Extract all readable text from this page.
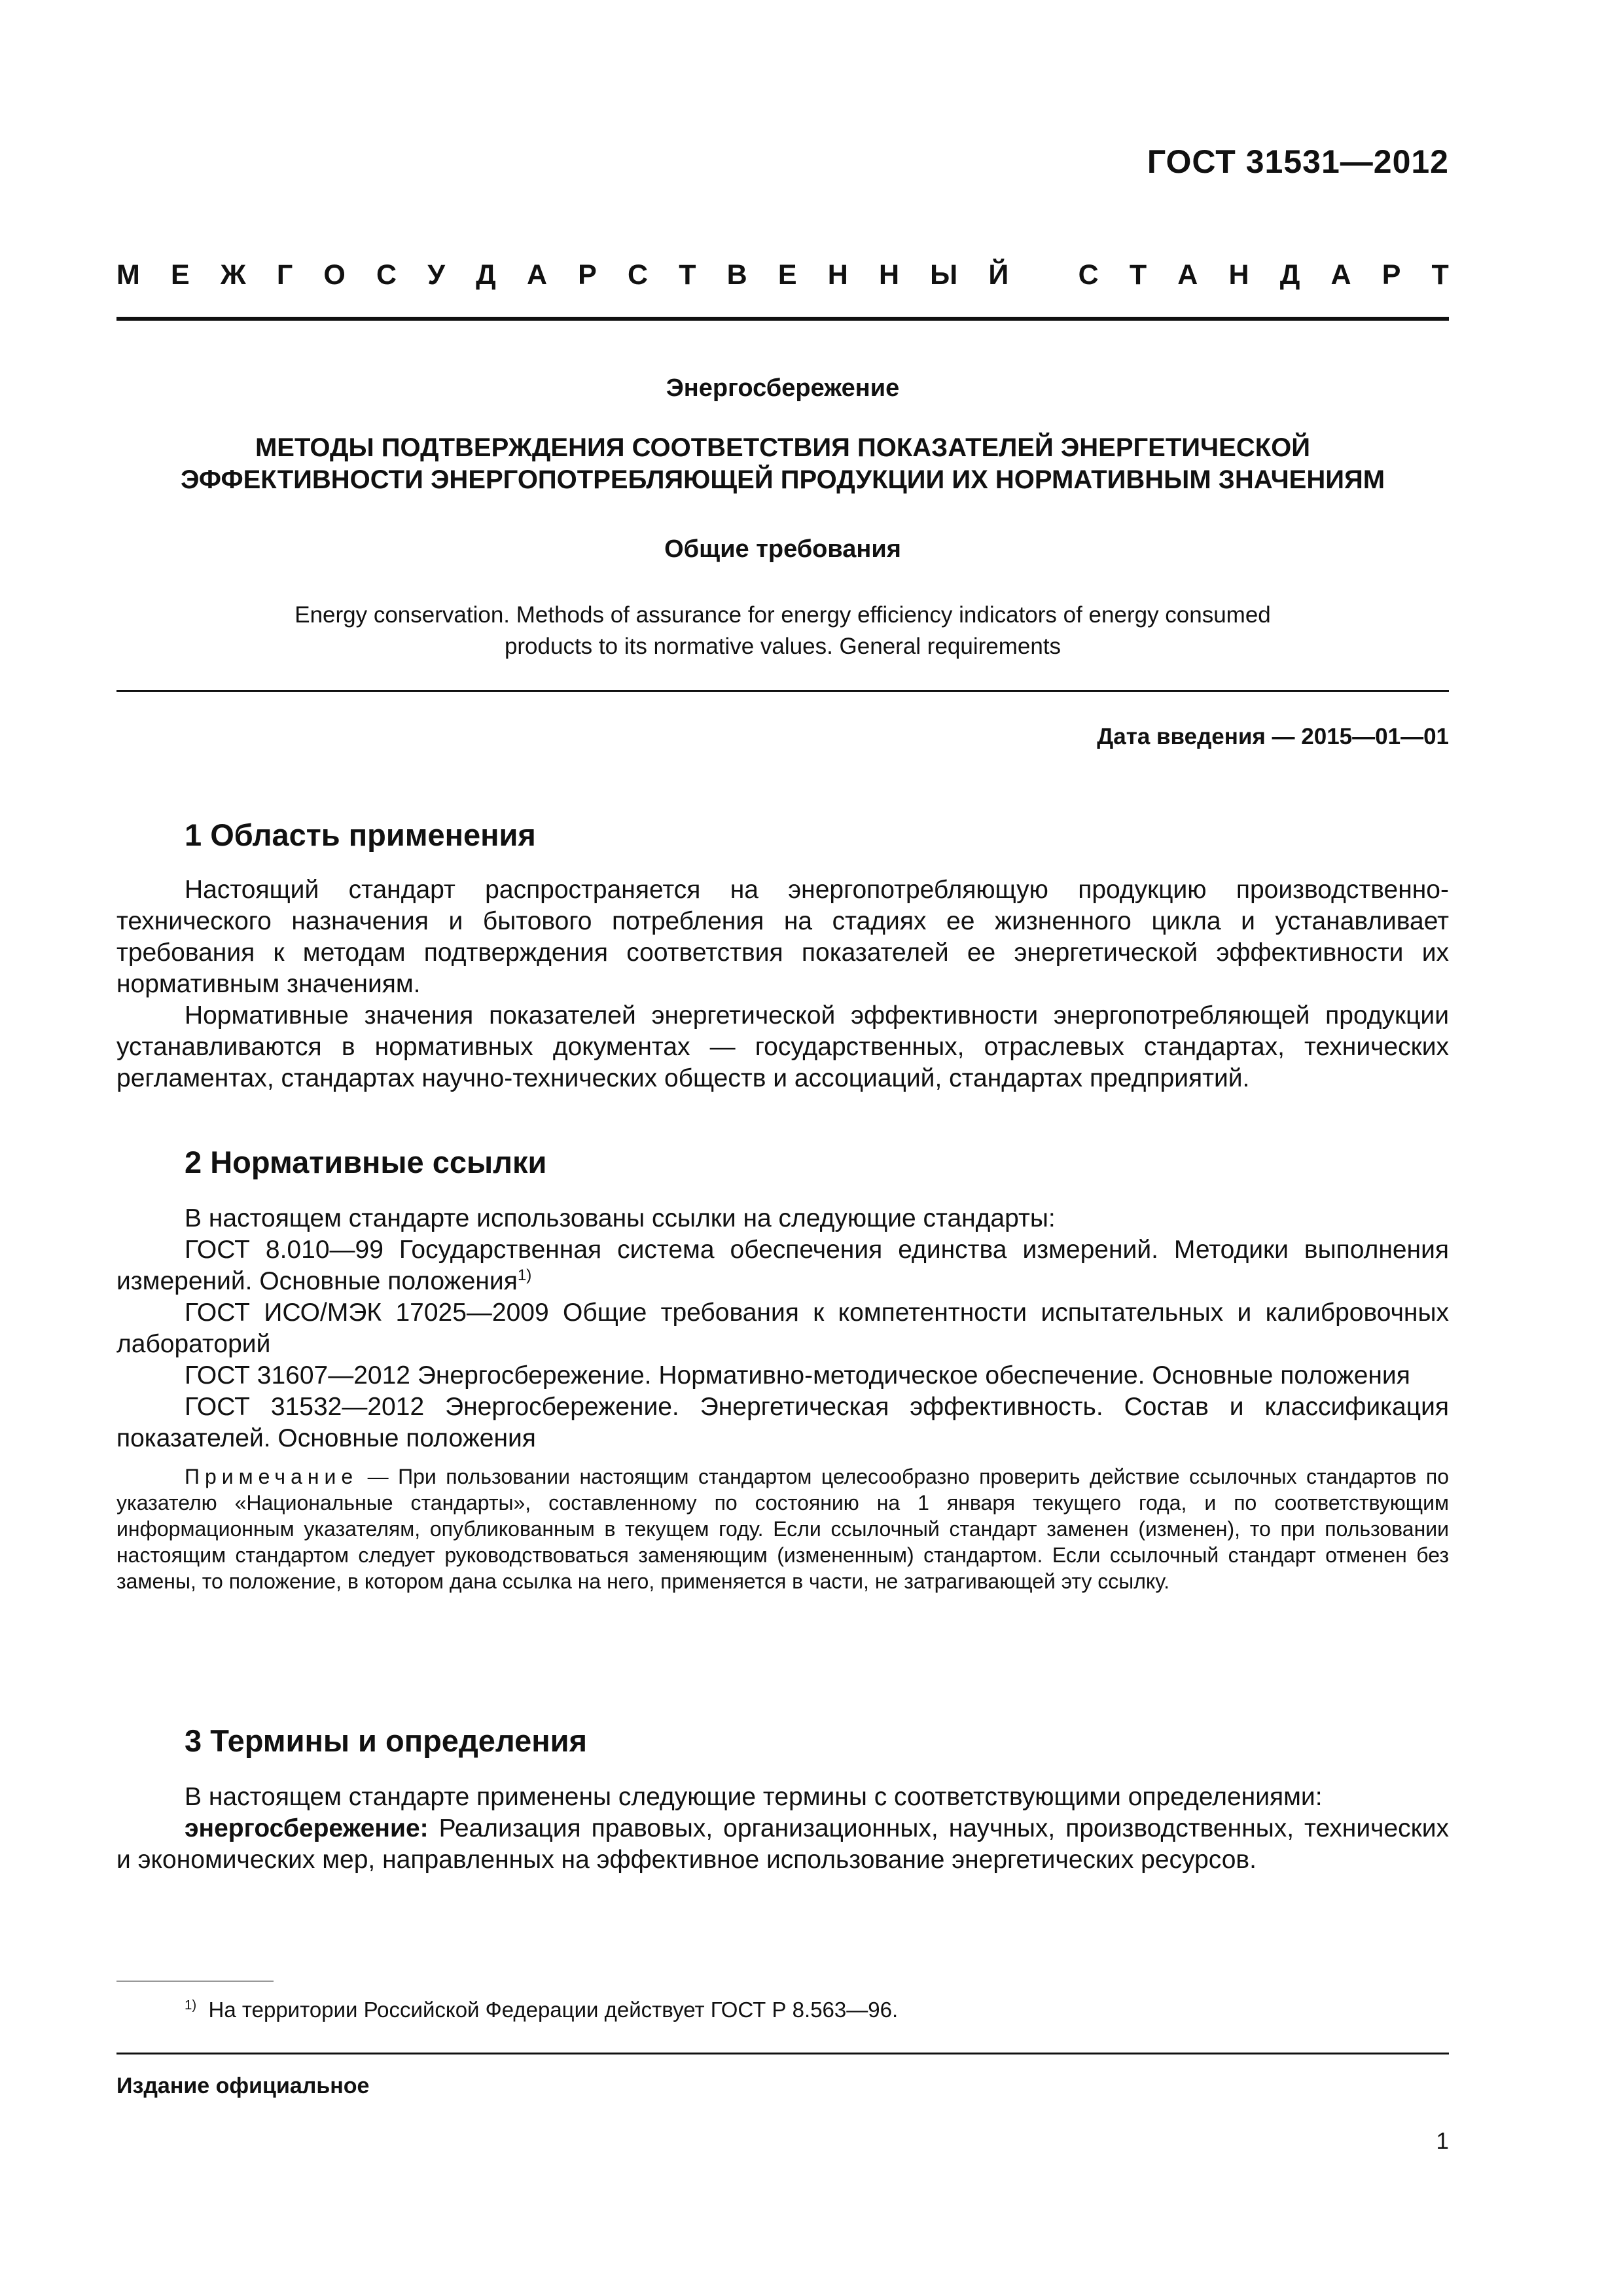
ГОСТ 31531—2012
М Е Ж Г О С У Д А Р С Т В Е Н Н Ы Й
С Т А Н Д А Р Т
Энергосбережение
МЕТОДЫ ПОДТВЕРЖДЕНИЯ СООТВЕТСТВИЯ ПОКАЗАТЕЛЕЙ ЭНЕРГЕТИЧЕСКОЙ
ЭФФЕКТИВНОСТИ ЭНЕРГОПОТРЕБЛЯЮЩЕЙ ПРОДУКЦИИ ИХ НОРМАТИВНЫМ ЗНАЧЕНИЯМ
Общие требования
Energy conservation. Methods of assurance for energy efficiency indicators of energy consumed
products to its normative values. General requirements
Дата введения — 2015—01—01
1 Область применения

Настоящий стандарт распространяется на энергопотребляющую продукцию производственно-технического назначения и бытового потребления на стадиях ее жизненного цикла и устанавливает требования к методам подтверждения соответствия показателей ее энергетической эффективности их нормативным значениям.

Нормативные значения показателей энергетической эффективности энергопотребляющей продукции устанавливаются в нормативных документах — государственных, отраслевых стандартах, технических регламентах, стандартах научно-технических обществ и ассоциаций, стандартах предприятий.

2 Нормативные ссылки

В настоящем стандарте использованы ссылки на следующие стандарты:

ГОСТ 8.010—99 Государственная система обеспечения единства измерений. Методики выполнения измерений. Основные положения$^{1)}$

ГОСТ ИСО/МЭК 17025—2009 Общие требования к компетентности испытательных и калибровочных лабораторий

ГОСТ 31607—2012 Энергосбережение. Нормативно-методическое обеспечение. Основные положения

ГОСТ 31532—2012 Энергосбережение. Энергетическая эффективность. Состав и классификация показателей. Основные положения

Примечание — При пользовании настоящим стандартом целесообразно проверить действие ссылочных стандартов по указателю «Национальные стандарты», составленному по состоянию на 1 января текущего года, и по соответствующим информационным указателям, опубликованным в текущем году. Если ссылочный стандарт заменен (изменен), то при пользовании настоящим стандартом следует руководствоваться заменяющим (измененным) стандартом. Если ссылочный стандарт отменен без замены, то положение, в котором дана ссылка на него, применяется в части, не затрагивающей эту ссылку.

3 Термины и определения

В настоящем стандарте применены следующие термины с соответствующими определениями:

энергосбережение: Реализация правовых, организационных, научных, производственных, технических и экономических мер, направленных на эффективное использование энергетических ресурсов.

$^{1)}$ На территории Российской Федерации действует ГОСТ Р 8.563—96.
Издание официальное
1
